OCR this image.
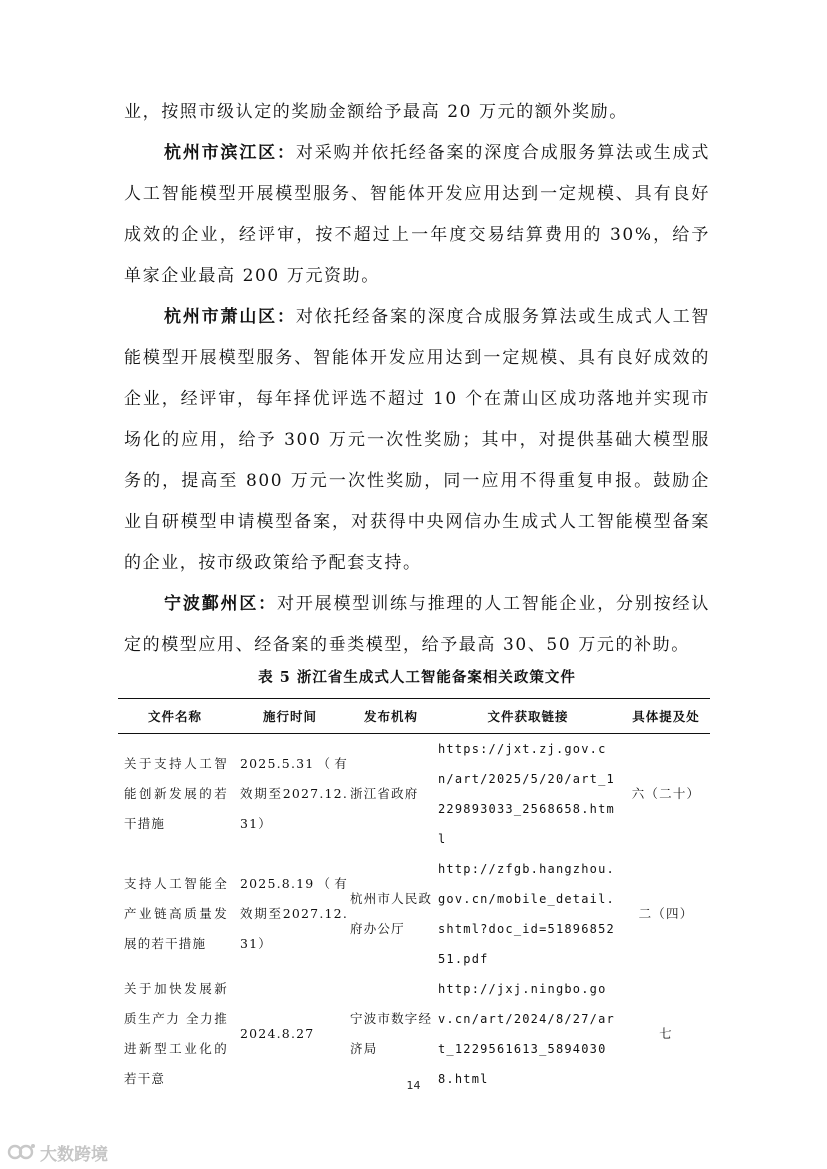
业，按照市级认定的奖励金额给予最高 20 万元的额外奖励。

杭州市滨江区：对采购并依托经备案的深度合成服务算法或生成式人工智能模型开展模型服务、智能体开发应用达到一定规模、具有良好成效的企业，经评审，按不超过上一年度交易结算费用的 30%，给予单家企业最高 200 万元资助。

杭州市萧山区：对依托经备案的深度合成服务算法或生成式人工智能模型开展模型服务、智能体开发应用达到一定规模、具有良好成效的企业，经评审，每年择优评选不超过 10 个在萧山区成功落地并实现市场化的应用，给予 300 万元一次性奖励；其中，对提供基础大模型服务的，提高至 800 万元一次性奖励，同一应用不得重复申报。鼓励企业自研模型申请模型备案，对获得中央网信办生成式人工智能模型备案的企业，按市级政策给予配套支持。

宁波鄞州区：对开展模型训练与推理的人工智能企业，分别按经认定的模型应用、经备案的垂类模型，给予最高 30、50 万元的补助。

表 5 浙江省生成式人工智能备案相关政策文件

文件名称	施行时间	发布机构	文件获取链接	具体提及处
关于支持人工智能创新发展的若干措施	2025.5.31（有效期至2027.12.31）	浙江省政府	https://jxt.zj.gov.cn/art/2025/5/20/art_1229893033_2568658.html	六（二十）
支持人工智能全产业链高质量发展的若干措施	2025.8.19（有效期至2027.12.31）	杭州市人民政府办公厅	http://zfgb.hangzhou.gov.cn/mobile_detail.shtml?doc_id=5189685251.pdf	二（四）
关于加快发展新质生产力 全力推进新型工业化的若干意	2024.8.27	宁波市数字经济局	http://jxj.ningbo.gov.cn/art/2024/8/27/art_1229561613_58940308.html	七
14
大数跨境
